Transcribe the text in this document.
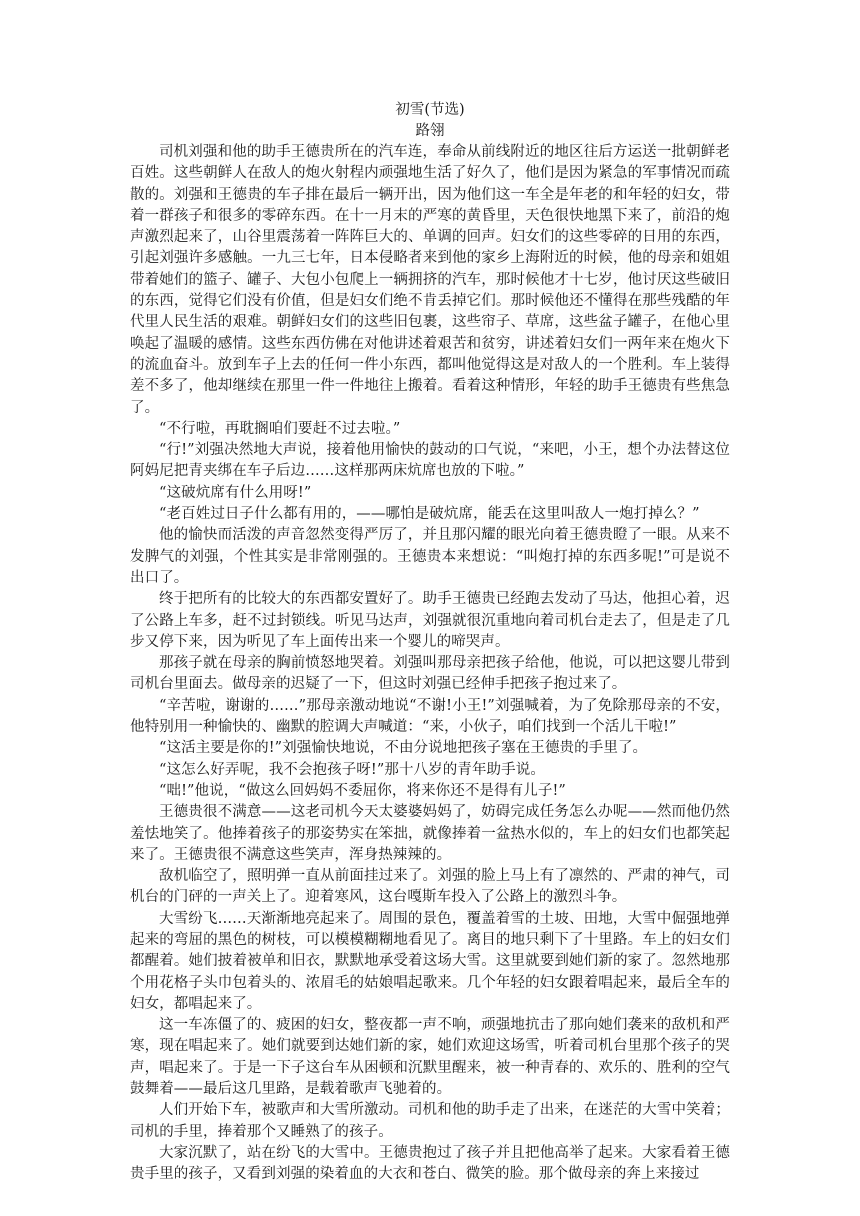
初雪(节选)
路翎

司机刘强和他的助手王德贵所在的汽车连，奉命从前线附近的地区往后方运送一批朝鲜老百姓。这些朝鲜人在敌人的炮火射程内顽强地生活了好久了，他们是因为紧急的军事情况而疏散的。刘强和王德贵的车子排在最后一辆开出，因为他们这一车全是年老的和年轻的妇女，带着一群孩子和很多的零碎东西。在十一月末的严寒的黄昏里，天色很快地黑下来了，前沿的炮声激烈起来了，山谷里震荡着一阵阵巨大的、单调的回声。妇女们的这些零碎的日用的东西，引起刘强许多感触。一九三七年，日本侵略者来到他的家乡上海附近的时候，他的母亲和姐姐带着她们的篮子、罐子、大包小包爬上一辆拥挤的汽车，那时候他才十七岁，他讨厌这些破旧的东西，觉得它们没有价值，但是妇女们绝不肯丢掉它们。那时候他还不懂得在那些残酷的年代里人民生活的艰难。朝鲜妇女们的这些旧包裹，这些帘子、草席，这些盆子罐子，在他心里唤起了温暖的感情。这些东西仿佛在对他讲述着艰苦和贫穷，讲述着妇女们一两年来在炮火下的流血奋斗。放到车子上去的任何一件小东西，都叫他觉得这是对敌人的一个胜利。车上装得差不多了，他却继续在那里一件一件地往上搬着。看着这种情形，年轻的助手王德贵有些焦急了。

“不行啦，再耽搁咱们要赶不过去啦。”

“行!”刘强决然地大声说，接着他用愉快的鼓动的口气说，“来吧，小王，想个办法替这位阿妈尼把青夹绑在车子后边……这样那两床炕席也放的下啦。”

“这破炕席有什么用呀!”

“老百姓过日子什么都有用的，——哪怕是破炕席，能丢在这里叫敌人一炮打掉么？”

他的愉快而活泼的声音忽然变得严厉了，并且那闪耀的眼光向着王德贵瞪了一眼。从来不发脾气的刘强，个性其实是非常刚强的。王德贵本来想说：“叫炮打掉的东西多呢!”可是说不出口了。

终于把所有的比较大的东西都安置好了。助手王德贵已经跑去发动了马达，他担心着，迟了公路上车多，赶不过封锁线。听见马达声，刘强就很沉重地向着司机台走去了，但是走了几步又停下来，因为听见了车上面传出来一个婴儿的啼哭声。

那孩子就在母亲的胸前愤怒地哭着。刘强叫那母亲把孩子给他，他说，可以把这婴儿带到司机台里面去。做母亲的迟疑了一下，但这时刘强已经伸手把孩子抱过来了。

“辛苦啦，谢谢的……”那母亲激动地说“不谢!小王!”刘强喊着，为了免除那母亲的不安，他特别用一种愉快的、幽默的腔调大声喊道：“来，小伙子，咱们找到一个活儿干啦!”

“这活主要是你的!”刘强愉快地说，不由分说地把孩子塞在王德贵的手里了。

“这怎么好弄呢，我不会抱孩子呀!”那十八岁的青年助手说。

“咄!”他说，“做这么回妈妈不委屈你，将来你还不是得有儿子!”

王德贵很不满意——这老司机今天太婆婆妈妈了，妨碍完成任务怎么办呢——然而他仍然羞怯地笑了。他捧着孩子的那姿势实在笨拙，就像捧着一盆热水似的，车上的妇女们也都笑起来了。王德贵很不满意这些笑声，浑身热辣辣的。

敌机临空了，照明弹一直从前面挂过来了。刘强的脸上马上有了凛然的、严肃的神气，司机台的门砰的一声关上了。迎着寒风，这台嘎斯车投入了公路上的激烈斗争。

大雪纷飞……天渐渐地亮起来了。周围的景色，覆盖着雪的土坡、田地，大雪中倔强地弹起来的弯屈的黑色的树枝，可以模模糊糊地看见了。离目的地只剩下了十里路。车上的妇女们都醒着。她们披着被单和旧衣，默默地承受着这场大雪。这里就要到她们新的家了。忽然地那个用花格子头巾包着头的、浓眉毛的姑娘唱起歌来。几个年轻的妇女跟着唱起来，最后全车的妇女，都唱起来了。

这一车冻僵了的、疲困的妇女，整夜都一声不响，顽强地抗击了那向她们袭来的敌机和严寒，现在唱起来了。她们就要到达她们新的家，她们欢迎这场雪，听着司机台里那个孩子的哭声，唱起来了。于是一下子这台车从困顿和沉默里醒来，被一种青春的、欢乐的、胜利的空气鼓舞着——最后这几里路，是载着歌声飞驰着的。

人们开始下车，被歌声和大雪所激动。司机和他的助手走了出来，在迷茫的大雪中笑着；司机的手里，捧着那个又睡熟了的孩子。

大家沉默了，站在纷飞的大雪中。王德贵抱过了孩子并且把他高举了起来。大家看着王德贵手里的孩子，又看到刘强的染着血的大衣和苍白、微笑的脸。那个做母亲的奔上来接过
